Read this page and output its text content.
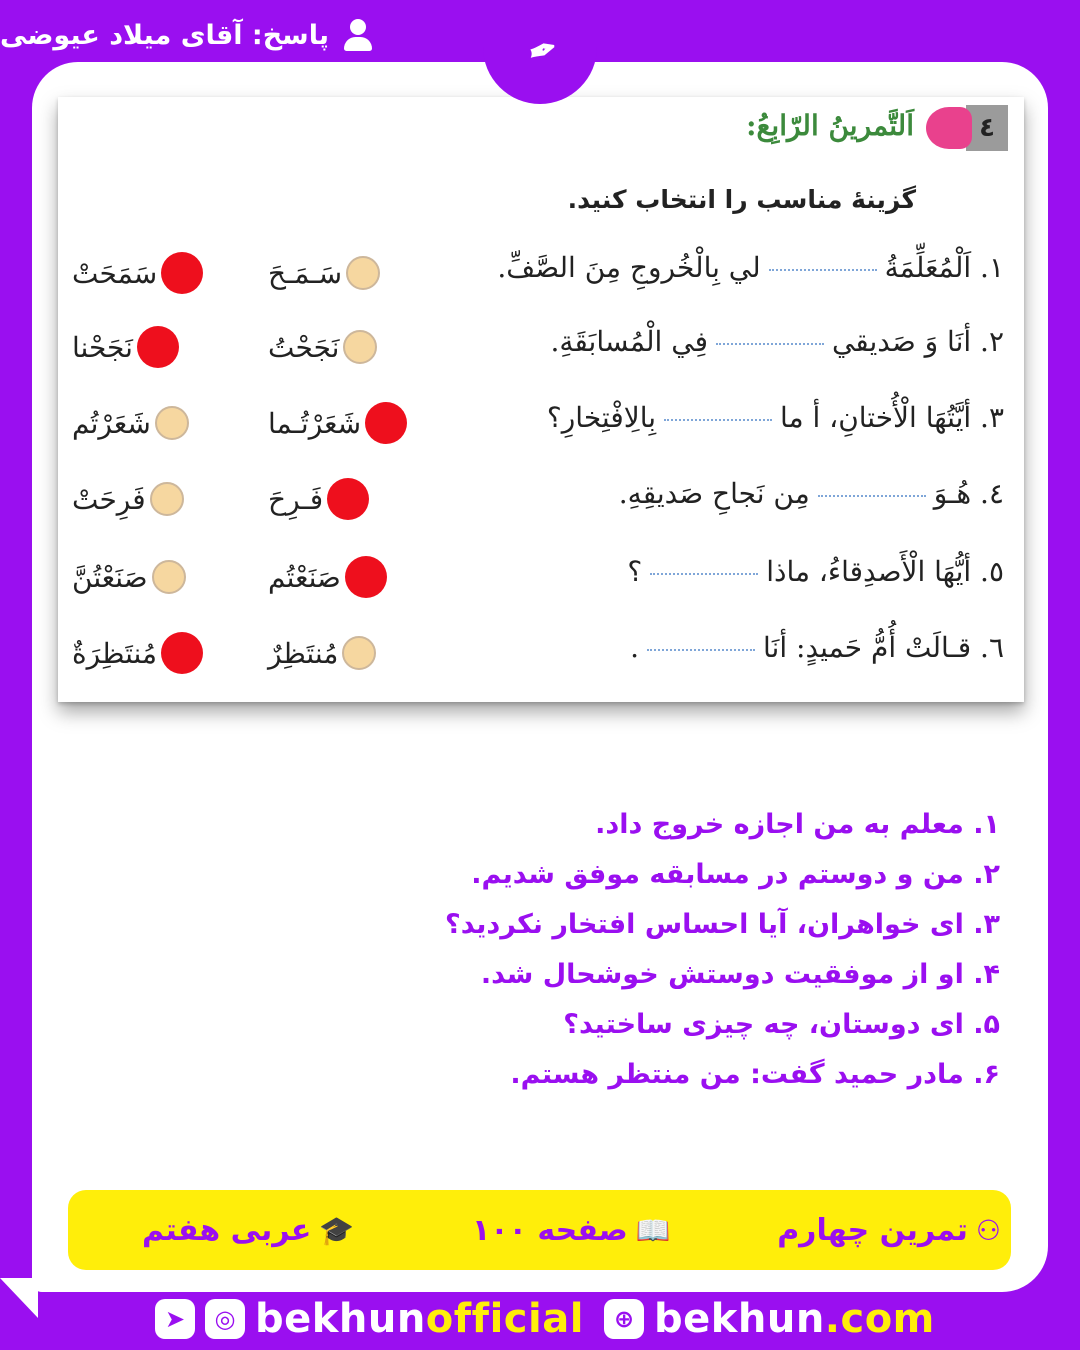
پاسخ: آقای میلاد عیوضی	✒
٤
اَلتَّمرینُ الرّابِعُ:
گزینهٔ مناسب را انتخاب کنید.
١. اَلْمُعَلِّمَةُلي بِالْخُروجِ مِنَ الصَّفِّ.
سَـمَـحَ
سَمَحَتْ
٢. أنَا وَ صَديقيفِي الْمُسابَقَةِ.
نَجَحْتُ
نَجَحْنا
٣. أيَّتُهَا الْأُختانِ، أ مابِالِافْتِخارِ؟
شَعَرْتُـما
شَعَرْتُم
٤. هُـوَمِن نَجاحِ صَديقِهِ.
فَـرِحَ
فَرِحَتْ
٥. أيُّهَا الْأَصدِقاءُ، ماذا؟
صَنَعْتُم
صَنَعْتُنَّ
٦. قـالَتْ أُمُّ حَميدٍ: أنَا.
مُنتَظِرٌ
مُنتَظِرَةٌ
١. معلم به من اجازه خروج داد.
٢. من و دوستم در مسابقه موفق شدیم.
٣. ای خواهران، آیا احساس افتخار نکردید؟
۴. او از موفقیت دوستش خوشحال شد.
۵. ای دوستان، چه چیزی ساختید؟
۶. مادر حمید گفت: من منتظر هستم.
⚇
تمرین چهارم
📖
صفحه ۱۰۰
🎓
عربی هفتم
➤	◎ bekhunofficial	⊕ bekhun.com
